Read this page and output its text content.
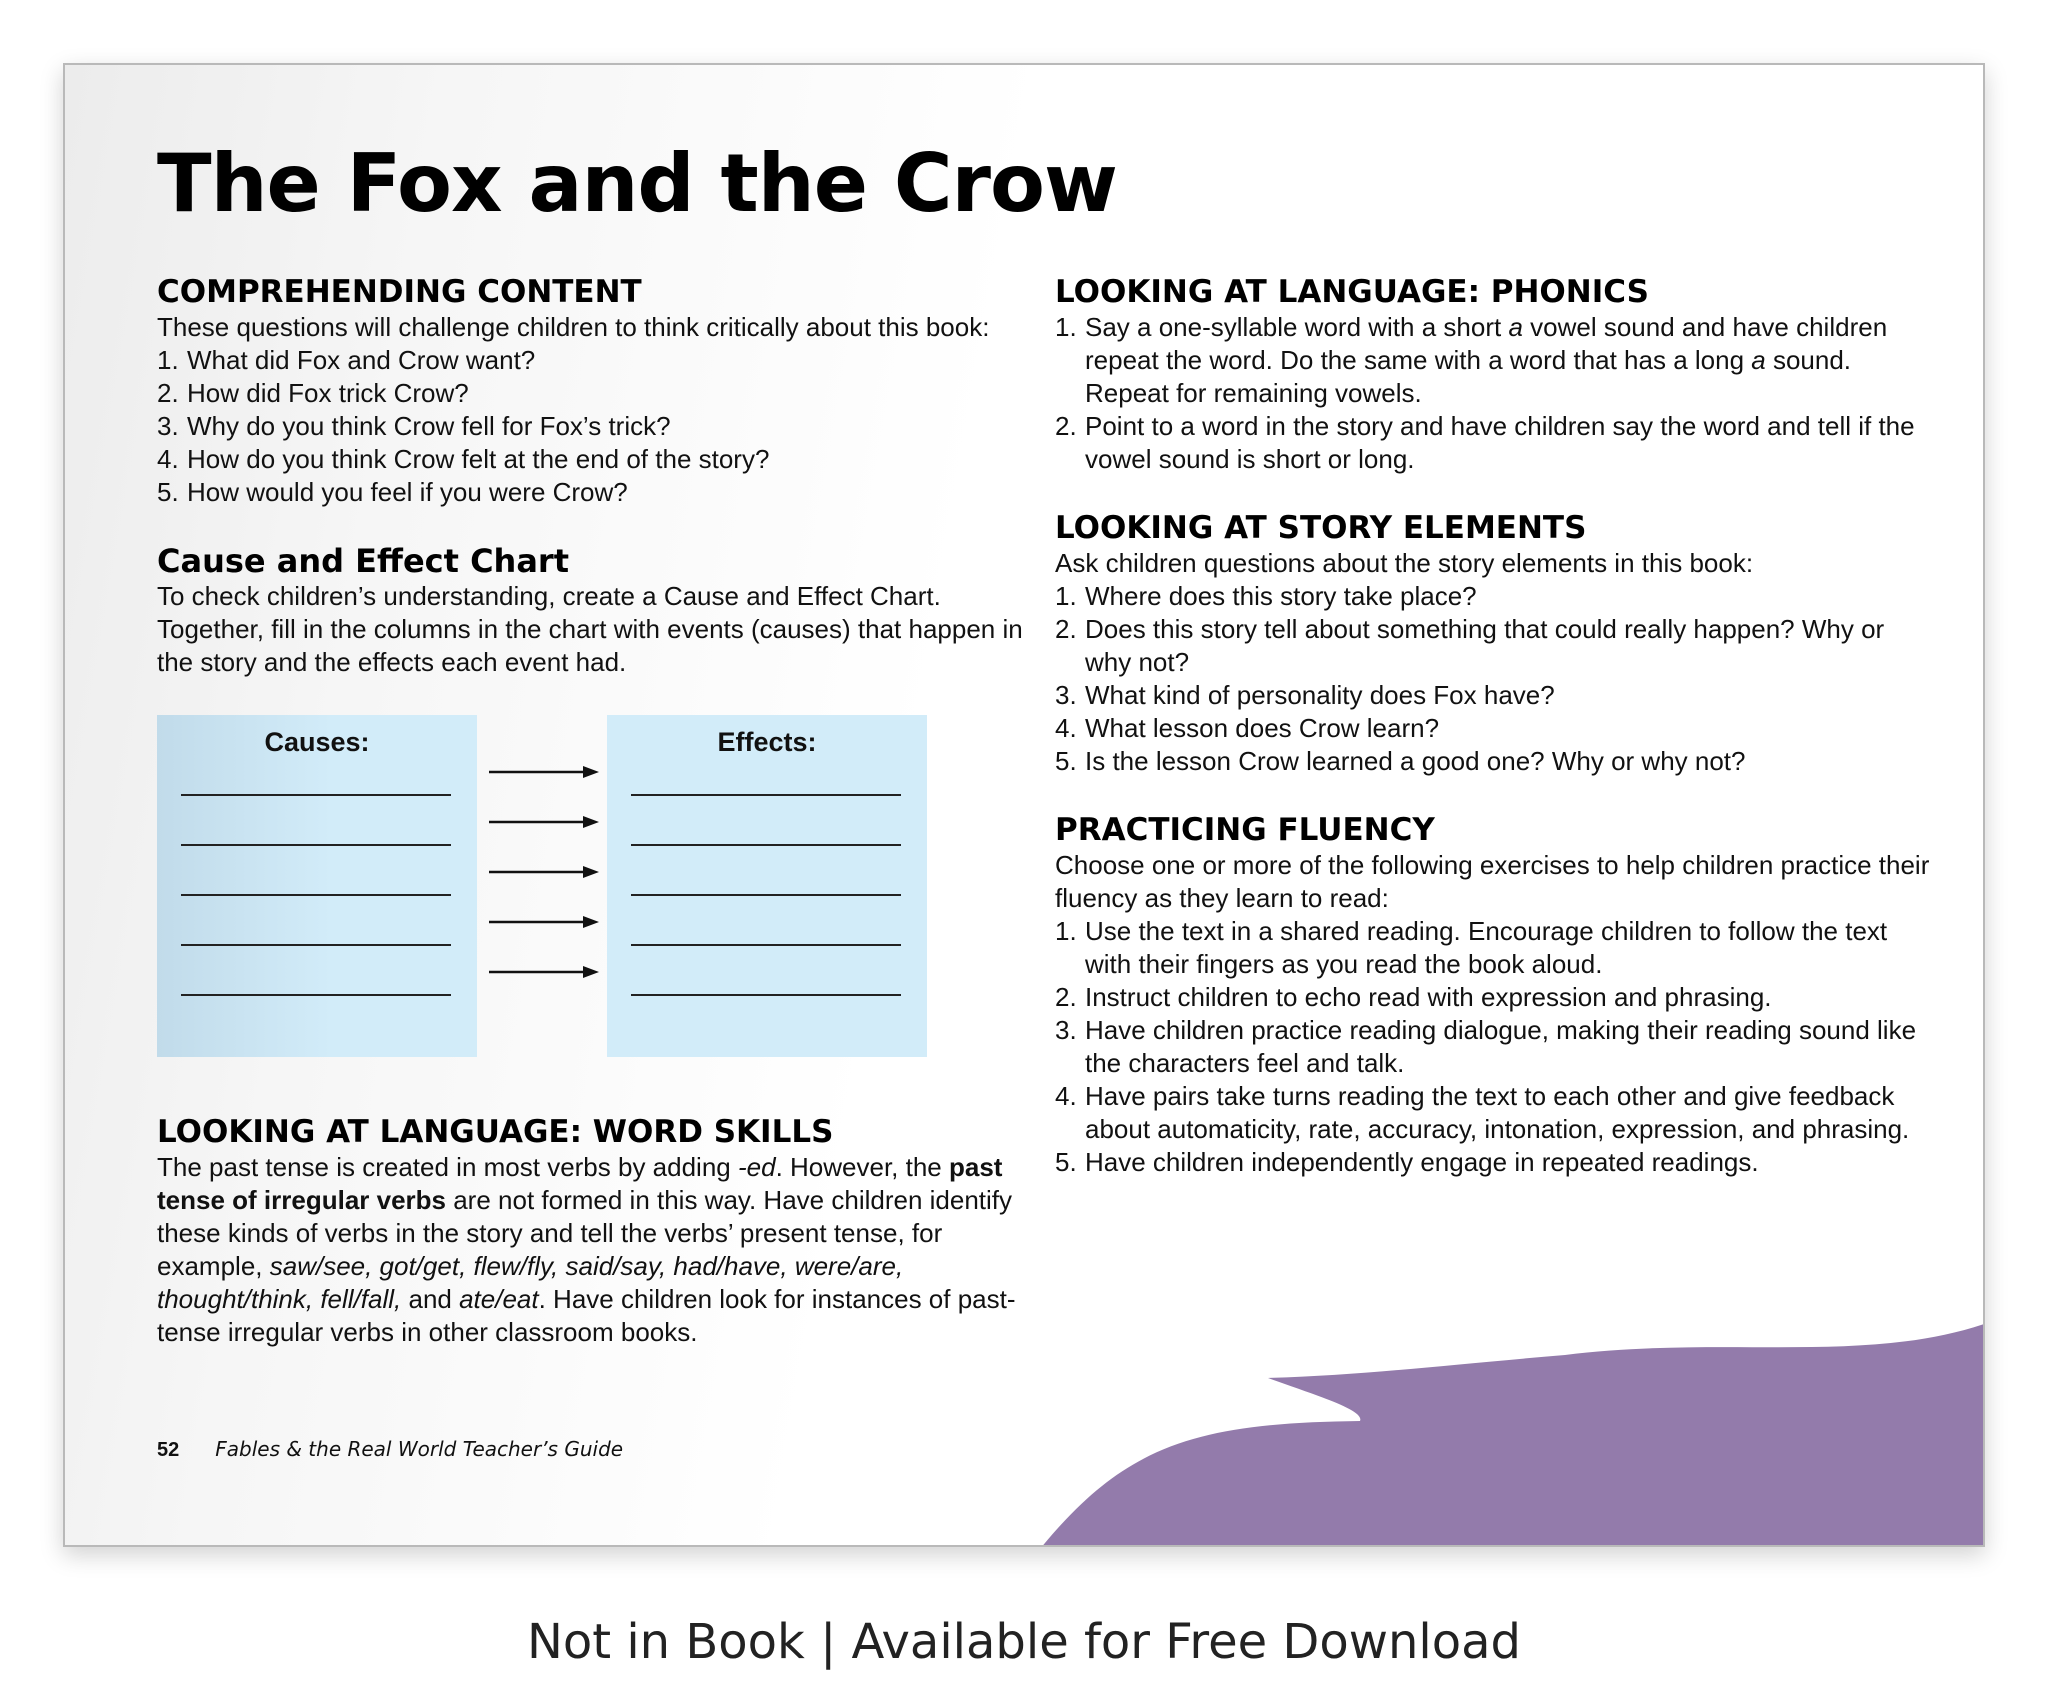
The Fox and the Crow
COMPREHENDING CONTENT

These questions will challenge children to think critically about this book:

1. What did Fox and Crow want?
2. How did Fox trick Crow?
3. Why do you think Crow fell for Fox’s trick?
4. How do you think Crow felt at the end of the story?
5. How would you feel if you were Crow?
Cause and Effect Chart

To check children’s understanding, create a Cause and Effect Chart. Together, fill in the columns in the chart with events (causes) that happen in the story and the effects each event had.

Causes:	Effects:
LOOKING AT LANGUAGE: WORD SKILLS

The past tense is created in most verbs by adding -ed. However, the past tense of irregular verbs are not formed in this way. Have children identify these kinds of verbs in the story and tell the verbs’ present tense, for example, saw/see, got/get, flew/fly, said/say, had/have, were/are, thought/think, fell/fall, and ate/eat. Have children look for instances of past-tense irregular verbs in other classroom books.

LOOKING AT LANGUAGE: PHONICS
1. Say a one-syllable word with a short a vowel sound and have children repeat the word. Do the same with a word that has a long a sound. Repeat for remaining vowels.
2. Point to a word in the story and have children say the word and tell if the vowel sound is short or long.
LOOKING AT STORY ELEMENTS

Ask children questions about the story elements in this book:

1. Where does this story take place?
2. Does this story tell about something that could really happen? Why or why not?
3. What kind of personality does Fox have?
4. What lesson does Crow learn?
5. Is the lesson Crow learned a good one? Why or why not?
PRACTICING FLUENCY

Choose one or more of the following exercises to help children practice their fluency as they learn to read:

1. Use the text in a shared reading. Encourage children to follow the text with their fingers as you read the book aloud.
2. Instruct children to echo read with expression and phrasing.
3. Have children practice reading dialogue, making their reading sound like the characters feel and talk.
4. Have pairs take turns reading the text to each other and give feedback about automaticity, rate, accuracy, intonation, expression, and phrasing.
5. Have children independently engage in repeated readings.
52 Fables & the Real World Teacher’s Guide
Not in Book | Available for Free Download
